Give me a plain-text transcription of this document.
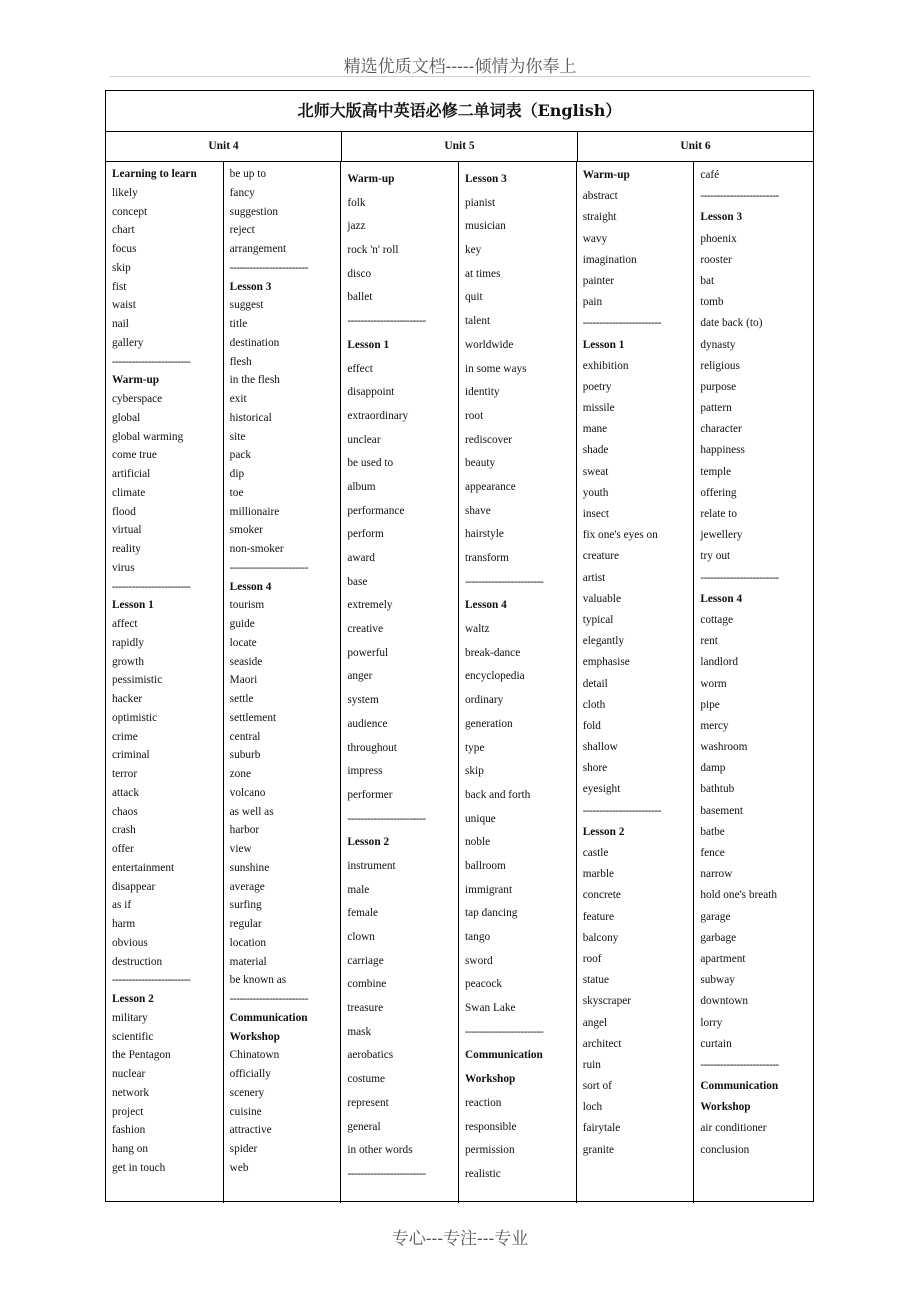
精选优质文档-----倾情为你奉上
北师大版高中英语必修二单词表（English）
Unit 4	Unit 5	Unit 6
Learning to learn
likely
concept
chart
focus
skip
fist
waist
nail
gallery
------------------------
Warm-up
cyberspace
global
global warming
come true
artificial
climate
flood
virtual
reality
virus
------------------------
Lesson 1
affect
rapidly
growth
pessimistic
hacker
optimistic
crime
criminal
terror
attack
chaos
crash
offer
entertainment
disappear
as if
harm
obvious
destruction
------------------------
Lesson 2
military
scientific
the Pentagon
nuclear
network
project
fashion
hang on
get in touch
be up to
fancy
suggestion
reject
arrangement
------------------------
Lesson 3
suggest
title
destination
flesh
in the flesh
exit
historical
site
pack
dip
toe
millionaire
smoker
non-smoker
------------------------
Lesson 4
tourism
guide
locate
seaside
Maori
settle
settlement
central
suburb
zone
volcano
as well as
harbor
view
sunshine
average
surfing
regular
location
material
be known as
------------------------
Communication
Workshop
Chinatown
officially
scenery
cuisine
attractive
spider
web
Warm-up
folk
jazz
rock 'n' roll
disco
ballet
------------------------
Lesson 1
effect
disappoint
extraordinary
unclear
be used to
album
performance
perform
award
base
extremely
creative
powerful
anger
system
audience
throughout
impress
performer
------------------------
Lesson 2
instrument
male
female
clown
carriage
combine
treasure
mask
aerobatics
costume
represent
general
in other words
------------------------
Lesson 3
pianist
musician
key
at times
quit
talent
worldwide
in some ways
identity
root
rediscover
beauty
appearance
shave
hairstyle
transform
------------------------
Lesson 4
waltz
break-dance
encyclopedia
ordinary
generation
type
skip
back and forth
unique
noble
ballroom
immigrant
tap dancing
tango
sword
peacock
Swan Lake
------------------------
Communication
Workshop
reaction
responsible
permission
realistic
Warm-up
abstract
straight
wavy
imagination
painter
pain
------------------------
Lesson 1
exhibition
poetry
missile
mane
shade
sweat
youth
insect
fix one's eyes on
creature
artist
valuable
typical
elegantly
emphasise
detail
cloth
fold
shallow
shore
eyesight
------------------------
Lesson 2
castle
marble
concrete
feature
balcony
roof
statue
skyscraper
angel
architect
ruin
sort of
loch
fairytale
granite
café
------------------------
Lesson 3
phoenix
rooster
bat
tomb
date back (to)
dynasty
religious
purpose
pattern
character
happiness
temple
offering
relate to
jewellery
try out
------------------------
Lesson 4
cottage
rent
landlord
worm
pipe
mercy
washroom
damp
bathtub
basement
batbe
fence
narrow
hold one's breath
garage
garbage
apartment
subway
downtown
lorry
curtain
------------------------
Communication
Workshop
air conditioner
conclusion
专心---专注---专业
